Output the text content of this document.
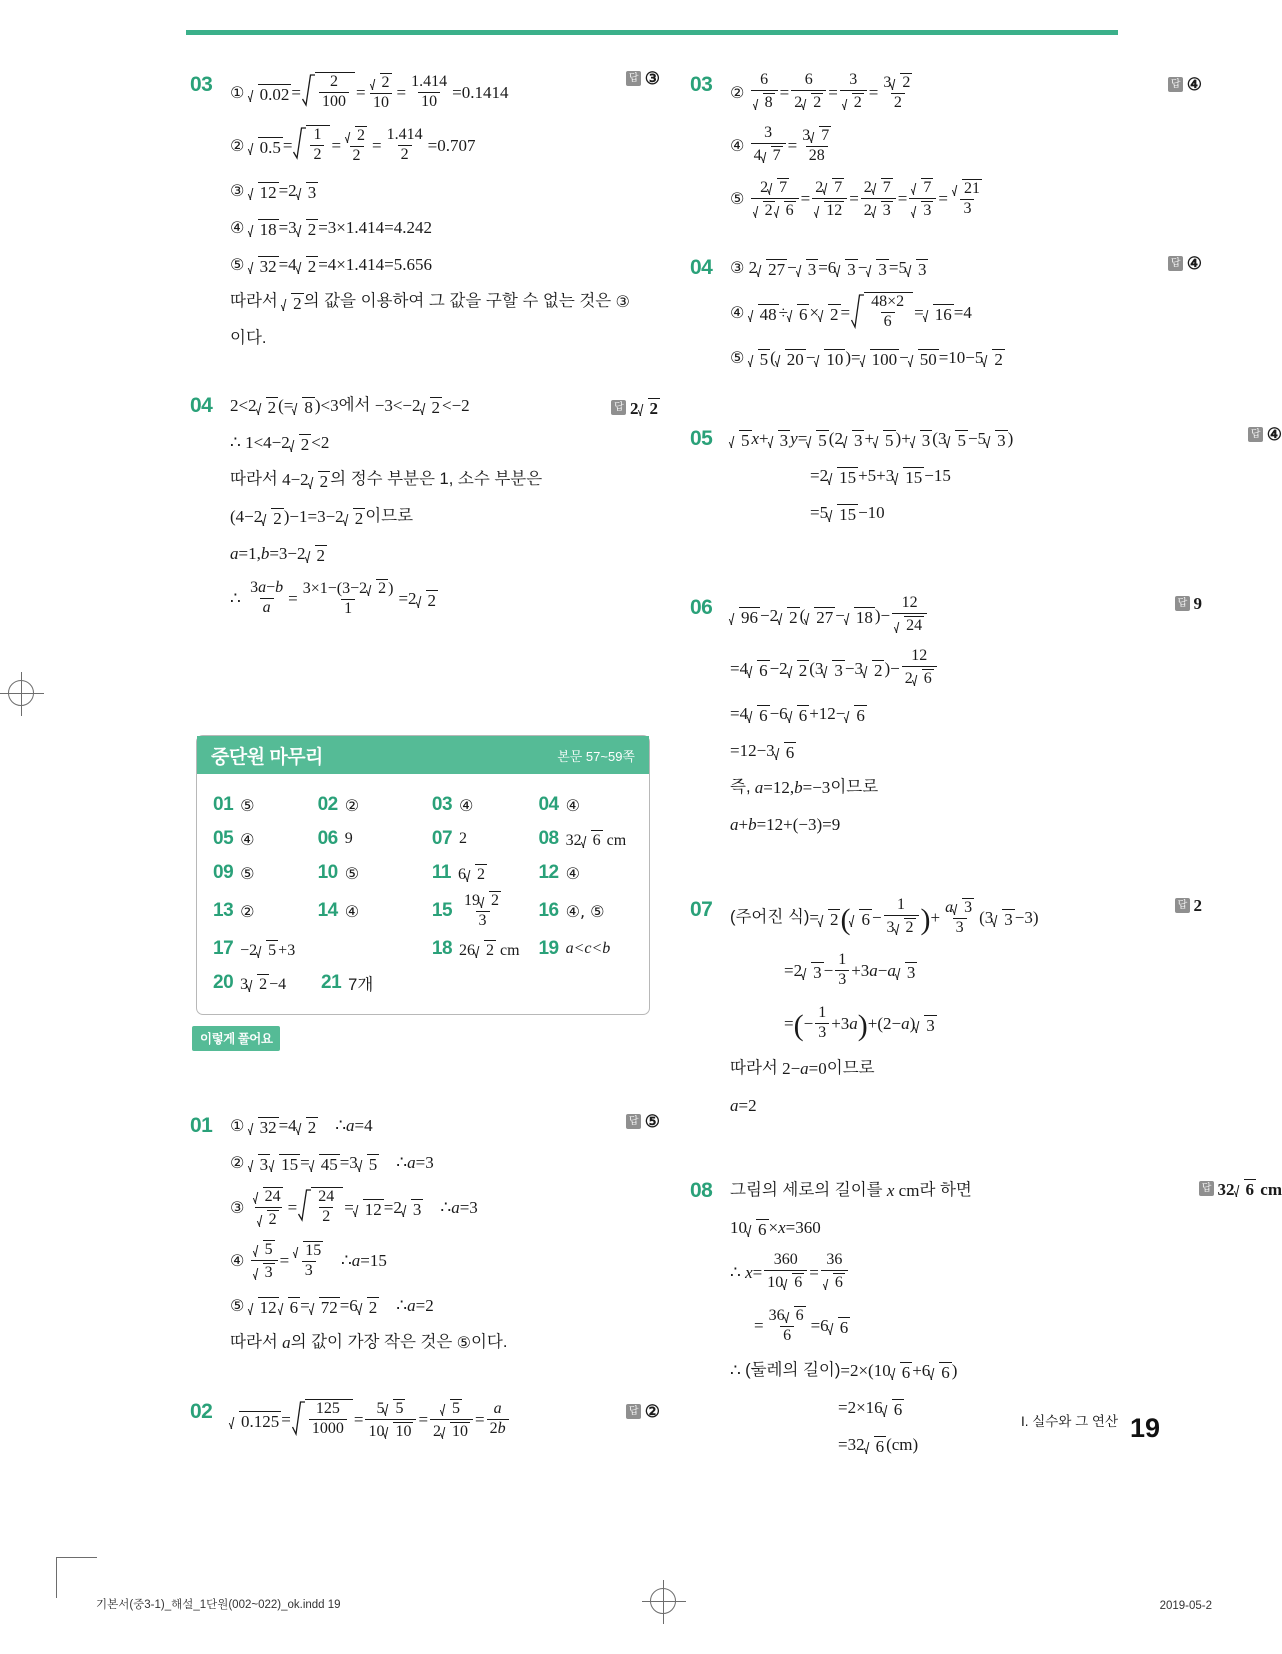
03	①
$0.02 = \frac{2}{100} = \frac{2}{10} = \frac{1.414}{10} =0.1414$
②
$0.5 = \frac{1}{2} = \frac{2}{2} = \frac{1.414}{2} =0.707$
③
12 =2 3
④
18 =3 2 =3×1.414=4.242
⑤
32 =4 2 =4×1.414=5.656
따라서
2 의 값을 이용하여 그 값을 구할 수 없는 것은
③
이다.
답 ③
04	2<2 2 (= 8 )<3 에서 −3<−2 2 <−2
∴ 1<4−2 2 <2
따라서 4−2 2 의 정수 부분은 1, 소수 부분은
(4−2 2 )−1=3−2 2 이므로
a =1, b =3−2 2
∴ $\frac{3a-b}{a} = \frac{3\times 1-(3-2 2 )}{1} =2$ 2
답 2 2
01	①
32 =4 2 ∴ a =4
②
3 15 = 45 =3 5 ∴ a =3
③
$\frac{24}{2} = \frac{24}{2} = 12 =2$ 3 ∴ a =3
④
$\frac{5}{3} = \frac{15}{3}$ ∴ a =15
⑤
12 6 = 72 =6 2 ∴ a =2
따라서
a 의 값이 가장 작은 것은
⑤ 이다.
답 ⑤
02	$0.125 = \frac{125}{1000} = \frac{5 5}{10 10} = \frac{5}{2 10} = \frac{a}{2b}$	답 ②
03	②
$\frac{6}{8} = \frac{6}{2 2} = \frac{3}{2} = \frac{3 2}{2}$
④
$\frac{3}{4 7} = \frac{3 7}{28}$
⑤
$\frac{2 7}{2 6} = \frac{2 7}{12} = \frac{2 7}{2 3} = \frac{7}{3} = \frac{21}{3}$
답 ④
04	③ 2 27 − 3 =6 3 − 3 =5 3
④
$48 \div 6 \times 2 = \frac{48\times 2}{6} = 16 =4$
⑤
5 ( 20 − 10 )= 100 − 50 =10−5 2
답 ④
05	5 x + 3 y = 5 (2 3 + 5 )+ 3 (3 5 −5 3 )
=2 15 +5+3 15 −15
=5 15 −10
답 ④
06	96 −2 2 ( 27 − 18 )− $\frac{12}{24}$
=4 6 −2 2 (3 3 −3 2 )− $\frac{12}{2 6}$
=4 6 −6 6 +12− 6
=12−3 6
즉,
a =12, b =−3 이므로
a + b =12+(−3)=9
답 9
07	(주어진 식) = 2 ( $6 - \frac{1}{3 2}$ ) + $\frac{a 3}{3} (3$ 3 −3)
=2 $3 - \frac{1}{3} +3$ a − a 3
= ( − $\frac{1}{3} +3$ a ) +(2− a ) 3
따라서 2− a =0 이므로
a =2
답 2
08	그림의 세로의 길이를
x cm 라 하면
10 6 × x =360
∴ $x = \frac{360}{10 6} = \frac{36}{6}$
= $\frac{36 6}{6} =6$ 6
∴ (둘레의 길이) =2×(10 6 +6 6 )
=2×16 6
=32 6 (cm)
답 32 6 cm
중단원 마무리	본문 57~59쪽
01 ⑤	02 ②	03 ④	04 ④
05 ④	06 9	07 2	08 32 6 cm
09 ⑤	10 ⑤	11 6 2	12 ④
13 ②	14 ④	$15 \frac{19 2}{3} 16$ ④, ⑤
17 −2 5 +3	18 26 2 cm 19 a<c<b
20 3 2 −4 21 7개
이렇게 풀어요
I. 실수와 그 연산 19
기본서(중3-1)_해설_1단원(002~022)_ok.indd 19	2019-05-2
